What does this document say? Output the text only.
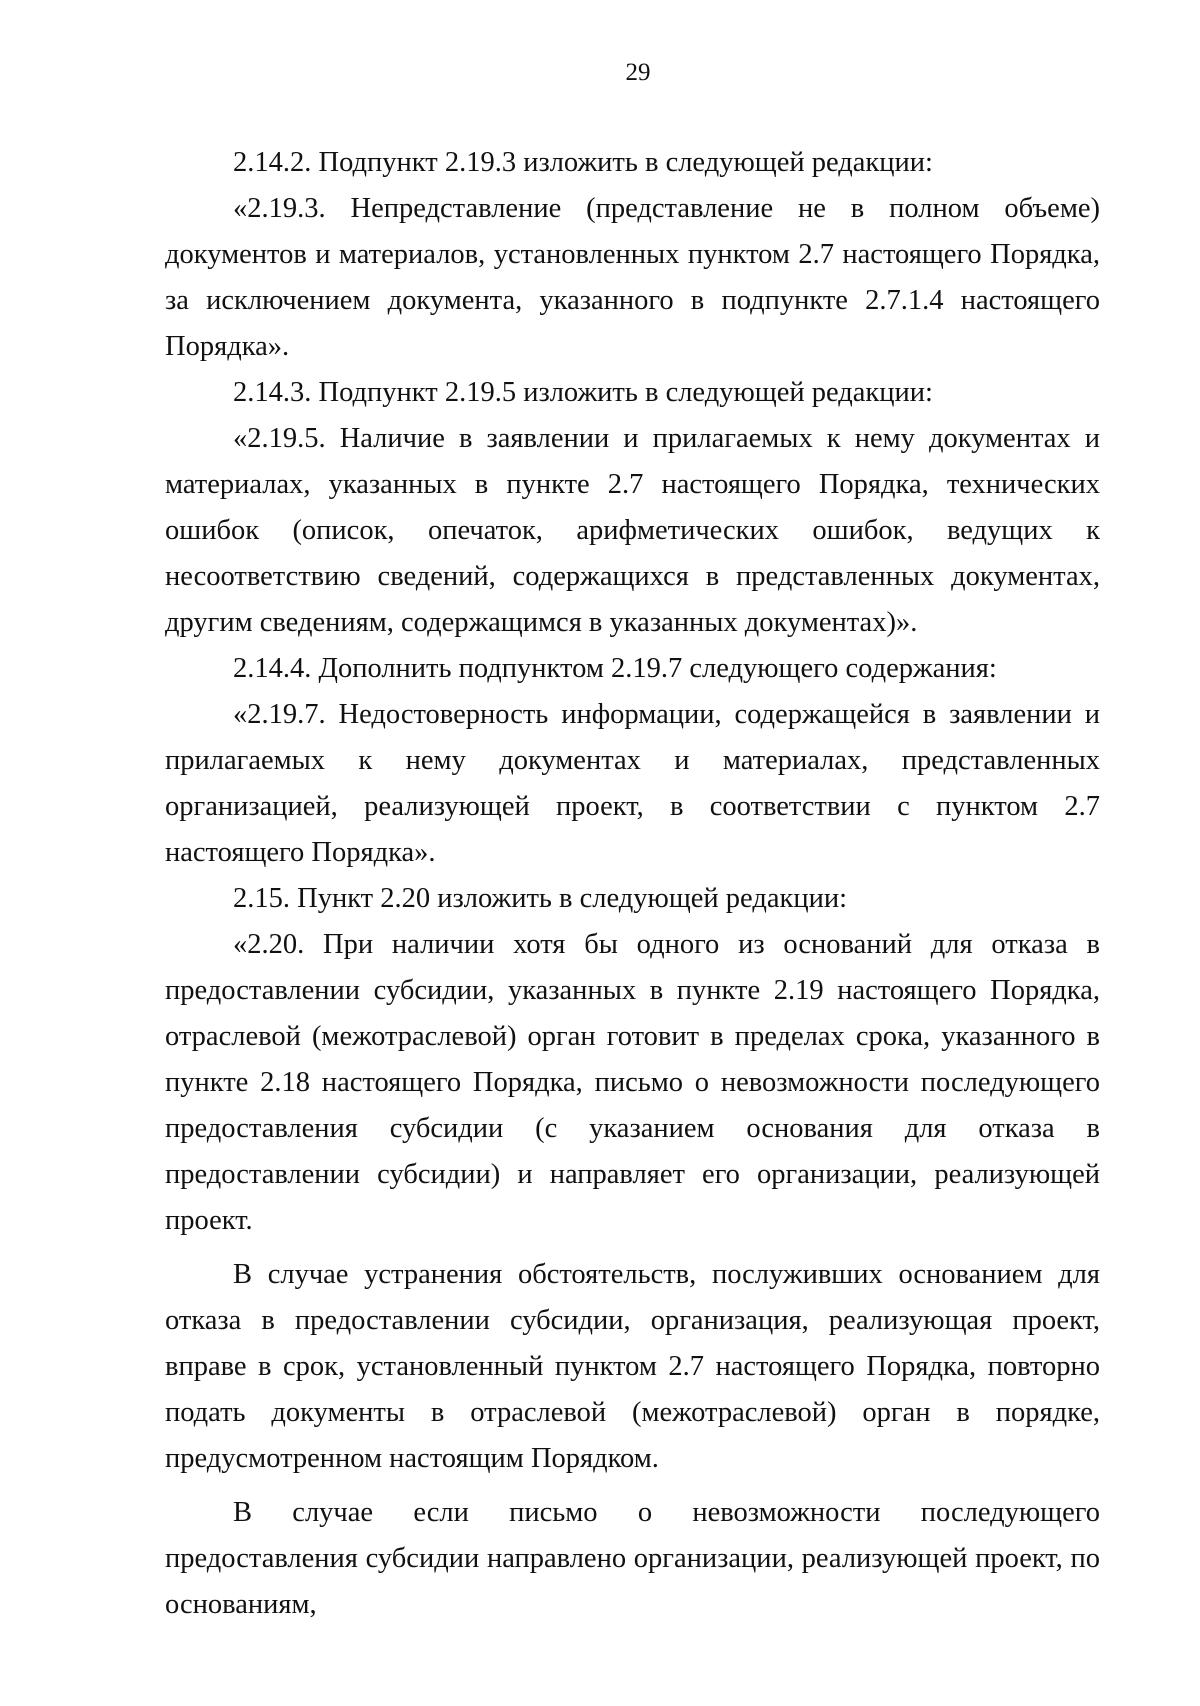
29

2.14.2. Подпункт 2.19.3 изложить в следующей редакции:

«2.19.3. Непредставление (представление не в полном объеме) документов и материалов, установленных пунктом 2.7 настоящего Порядка, за исключением документа, указанного в подпункте 2.7.1.4 настоящего Порядка».

2.14.3. Подпункт 2.19.5 изложить в следующей редакции:

«2.19.5. Наличие в заявлении и прилагаемых к нему документах и материалах, указанных в пункте 2.7 настоящего Порядка, технических ошибок (описок, опечаток, арифметических ошибок, ведущих к несоответствию сведений, содержащихся в представленных документах, другим сведениям, содержащимся в указанных документах)».

2.14.4. Дополнить подпунктом 2.19.7 следующего содержания:

«2.19.7. Недостоверность информации, содержащейся в заявлении и прилагаемых к нему документах и материалах, представленных организацией, реализующей проект, в соответствии с пунктом 2.7 настоящего Порядка».

2.15. Пункт 2.20 изложить в следующей редакции:

«2.20. При наличии хотя бы одного из оснований для отказа в предоставлении субсидии, указанных в пункте 2.19 настоящего Порядка, отраслевой (межотраслевой) орган готовит в пределах срока, указанного в пункте 2.18 настоящего Порядка, письмо о невозможности последующего предоставления субсидии (с указанием основания для отказа в предоставлении субсидии) и направляет его организации, реализующей проект.

В случае устранения обстоятельств, послуживших основанием для отказа в предоставлении субсидии, организация, реализующая проект, вправе в срок, установленный пунктом 2.7 настоящего Порядка, повторно подать документы в отраслевой (межотраслевой) орган в порядке, предусмотренном настоящим Порядком.

В случае если письмо о невозможности последующего предоставления субсидии направлено организации, реализующей проект, по основаниям,
